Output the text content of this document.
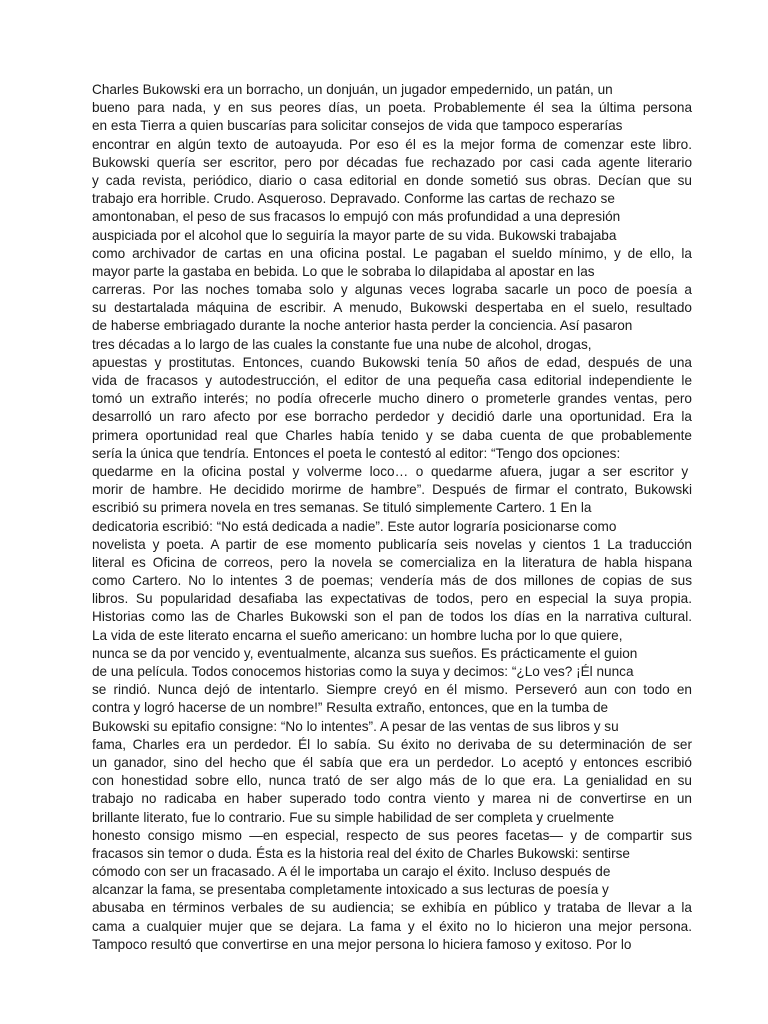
Charles Bukowski era un borracho, un donjuán, un jugador empedernido, un patán, un
bueno para nada, y en sus peores días, un poeta. Probablemente él sea la última persona
en esta Tierra a quien buscarías para solicitar consejos de vida que tampoco esperarías
encontrar en algún texto de autoayuda. Por eso él es la mejor forma de comenzar este libro.
Bukowski quería ser escritor, pero por décadas fue rechazado por casi cada agente literario
y cada revista, periódico, diario o casa editorial en donde sometió sus obras. Decían que su
trabajo era horrible. Crudo. Asqueroso. Depravado. Conforme las cartas de rechazo se
amontonaban, el peso de sus fracasos lo empujó con más profundidad a una depresión
auspiciada por el alcohol que lo seguiría la mayor parte de su vida. Bukowski trabajaba
como archivador de cartas en una oficina postal. Le pagaban el sueldo mínimo, y de ello, la
mayor parte la gastaba en bebida. Lo que le sobraba lo dilapidaba al apostar en las
carreras. Por las noches tomaba solo y algunas veces lograba sacarle un poco de poesía a
su destartalada máquina de escribir. A menudo, Bukowski despertaba en el suelo, resultado
de haberse embriagado durante la noche anterior hasta perder la conciencia. Así pasaron
tres décadas a lo largo de las cuales la constante fue una nube de alcohol, drogas,
apuestas y prostitutas. Entonces, cuando Bukowski tenía 50 años de edad, después de una
vida de fracasos y autodestrucción, el editor de una pequeña casa editorial independiente le
tomó un extraño interés; no podía ofrecerle mucho dinero o prometerle grandes ventas, pero
desarrolló un raro afecto por ese borracho perdedor y decidió darle una oportunidad. Era la
primera oportunidad real que Charles había tenido y se daba cuenta de que probablemente
sería la única que tendría. Entonces el poeta le contestó al editor: “Tengo dos opciones:
quedarme en la oficina postal y volverme loco… o quedarme afuera, jugar a ser escritor y
morir de hambre. He decidido morirme de hambre”. Después de firmar el contrato, Bukowski
escribió su primera novela en tres semanas. Se tituló simplemente Cartero. 1 En la
dedicatoria escribió: “No está dedicada a nadie”. Este autor lograría posicionarse como
novelista y poeta. A partir de ese momento publicaría seis novelas y cientos 1 La traducción
literal es Oficina de correos, pero la novela se comercializa en la literatura de habla hispana
como Cartero. No lo intentes 3 de poemas; vendería más de dos millones de copias de sus
libros. Su popularidad desafiaba las expectativas de todos, pero en especial la suya propia.
Historias como las de Charles Bukowski son el pan de todos los días en la narrativa cultural.
La vida de este literato encarna el sueño americano: un hombre lucha por lo que quiere,
nunca se da por vencido y, eventualmente, alcanza sus sueños. Es prácticamente el guion
de una película. Todos conocemos historias como la suya y decimos: “¿Lo ves? ¡Él nunca
se rindió. Nunca dejó de intentarlo. Siempre creyó en él mismo. Perseveró aun con todo en
contra y logró hacerse de un nombre!” Resulta extraño, entonces, que en la tumba de
Bukowski su epitafio consigne: “No lo intentes”. A pesar de las ventas de sus libros y su
fama, Charles era un perdedor. Él lo sabía. Su éxito no derivaba de su determinación de ser
un ganador, sino del hecho que él sabía que era un perdedor. Lo aceptó y entonces escribió
con honestidad sobre ello, nunca trató de ser algo más de lo que era. La genialidad en su
trabajo no radicaba en haber superado todo contra viento y marea ni de convertirse en un
brillante literato, fue lo contrario. Fue su simple habilidad de ser completa y cruelmente
honesto consigo mismo —en especial, respecto de sus peores facetas— y de compartir sus
fracasos sin temor o duda. Ésta es la historia real del éxito de Charles Bukowski: sentirse
cómodo con ser un fracasado. A él le importaba un carajo el éxito. Incluso después de
alcanzar la fama, se presentaba completamente intoxicado a sus lecturas de poesía y
abusaba en términos verbales de su audiencia; se exhibía en público y trataba de llevar a la
cama a cualquier mujer que se dejara. La fama y el éxito no lo hicieron una mejor persona.
Tampoco resultó que convertirse en una mejor persona lo hiciera famoso y exitoso. Por lo
